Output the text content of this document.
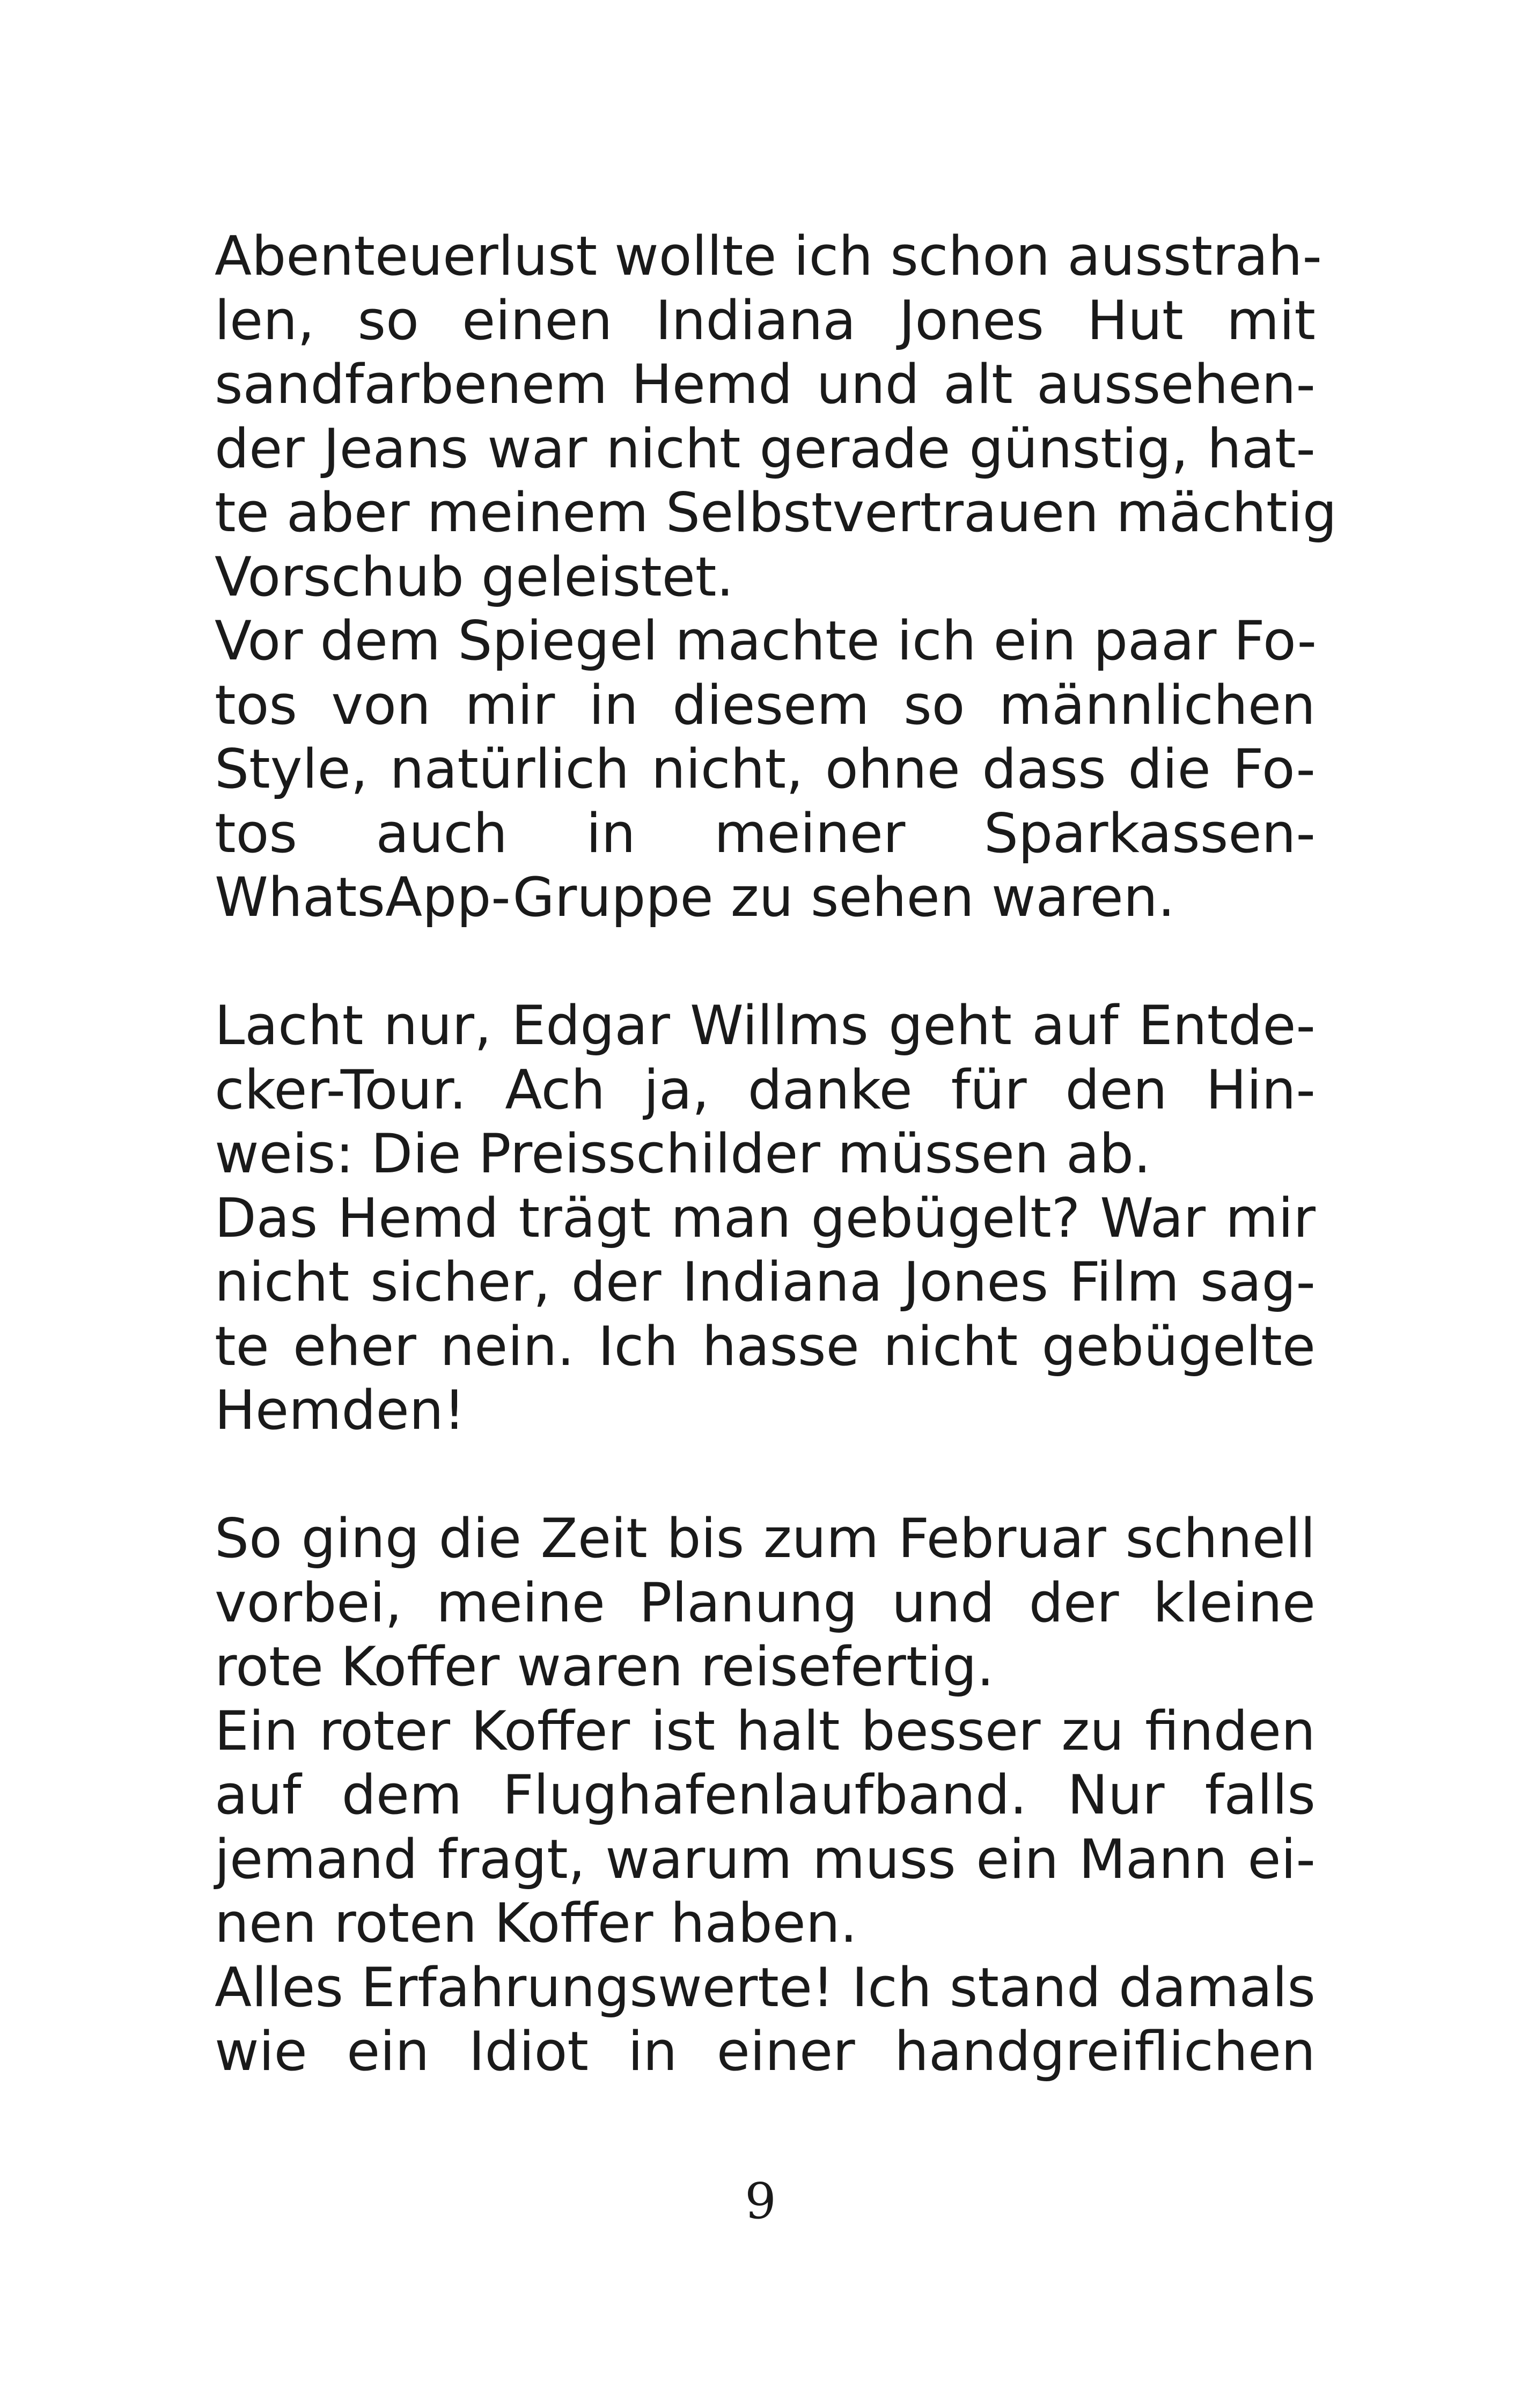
Abenteuerlust wollte ich schon ausstrah-
len, so einen Indiana Jones Hut mit
sandfarbenem Hemd und alt aussehen-
der Jeans war nicht gerade günstig, hat-
te aber meinem Selbstvertrauen mächtig
Vorschub geleistet.
Vor dem Spiegel machte ich ein paar Fo-
tos von mir in diesem so männlichen
Style, natürlich nicht, ohne dass die Fo-
tos auch in meiner Sparkassen-
WhatsApp-Gruppe zu sehen waren.
Lacht nur, Edgar Willms geht auf Entde-
cker-Tour. Ach ja, danke für den Hin-
weis: Die Preisschilder müssen ab.
Das Hemd trägt man gebügelt? War mir
nicht sicher, der Indiana Jones Film sag-
te eher nein. Ich hasse nicht gebügelte
Hemden!
So ging die Zeit bis zum Februar schnell
vorbei, meine Planung und der kleine
rote Koffer waren reisefertig.
Ein roter Koffer ist halt besser zu finden
auf dem Flughafenlaufband. Nur falls
jemand fragt, warum muss ein Mann ei-
nen roten Koffer haben.
Alles Erfahrungswerte! Ich stand damals
wie ein Idiot in einer handgreiflichen
9
